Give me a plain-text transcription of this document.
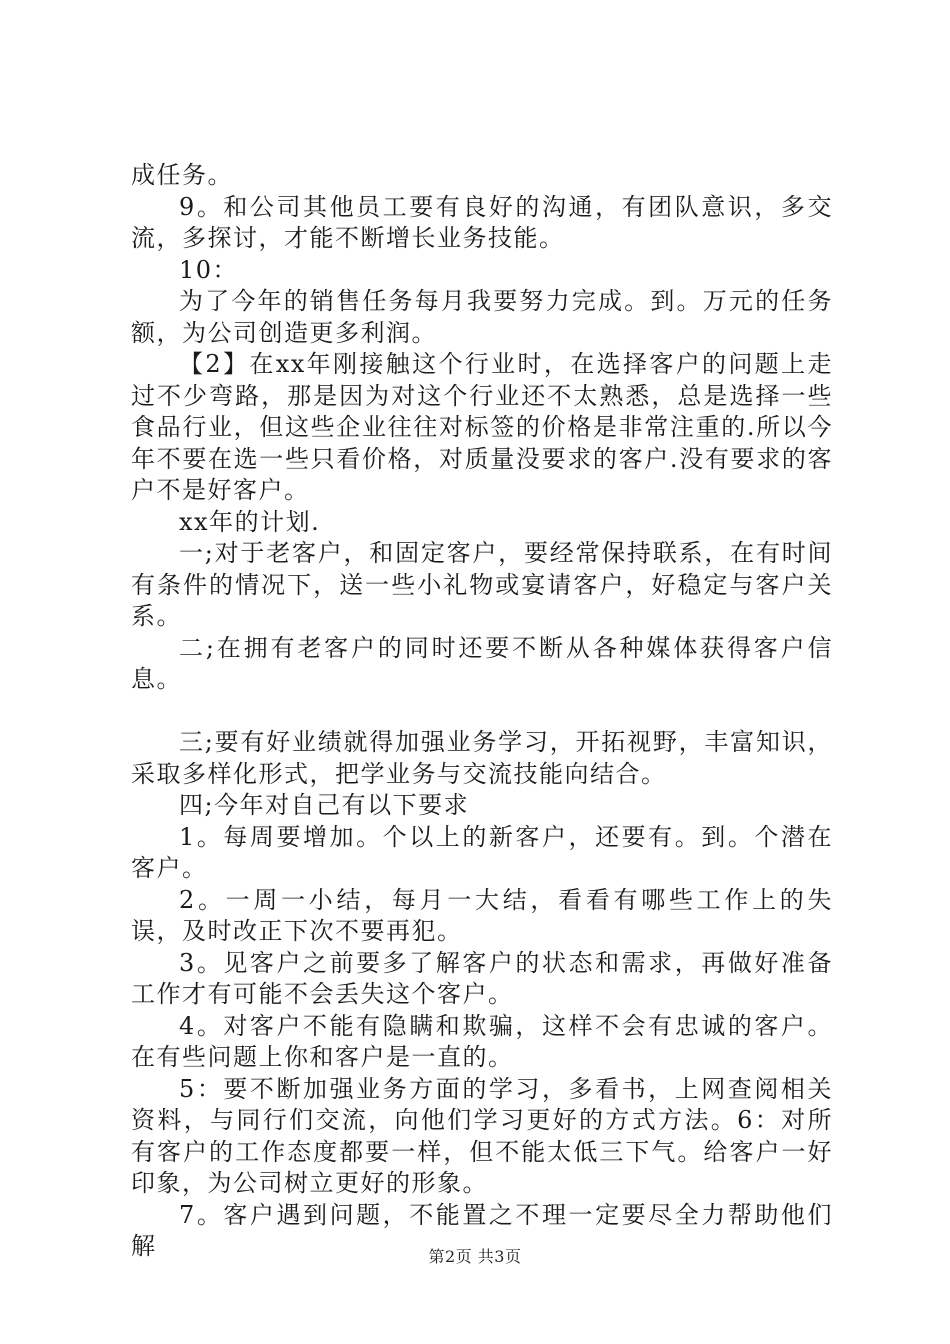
成任务。

9。和公司其他员工要有良好的沟通，有团队意识，多交流，多探讨，才能不断增长业务技能。

10：

为了今年的销售任务每月我要努力完成。到。万元的任务额，为公司创造更多利润。

【2】在xx年刚接触这个行业时，在选择客户的问题上走过不少弯路，那是因为对这个行业还不太熟悉，总是选择一些食品行业，但这些企业往往对标签的价格是非常注重的.所以今年不要在选一些只看价格，对质量没要求的客户.没有要求的客户不是好客户。

xx年的计划.

一;对于老客户，和固定客户，要经常保持联系，在有时间有条件的情况下，送一些小礼物或宴请客户，好稳定与客户关系。

二;在拥有老客户的同时还要不断从各种媒体获得客户信息。

三;要有好业绩就得加强业务学习，开拓视野，丰富知识，采取多样化形式，把学业务与交流技能向结合。

四;今年对自己有以下要求

1。每周要增加。个以上的新客户，还要有。到。个潜在客户。

2。一周一小结，每月一大结，看看有哪些工作上的失误，及时改正下次不要再犯。

3。见客户之前要多了解客户的状态和需求，再做好准备工作才有可能不会丢失这个客户。

4。对客户不能有隐瞒和欺骗，这样不会有忠诚的客户。在有些问题上你和客户是一直的。

5：要不断加强业务方面的学习，多看书，上网查阅相关资料，与同行们交流，向他们学习更好的方式方法。6：对所有客户的工作态度都要一样，但不能太低三下气。给客户一好印象，为公司树立更好的形象。

7。客户遇到问题，不能置之不理一定要尽全力帮助他们解	第2页 共3页
